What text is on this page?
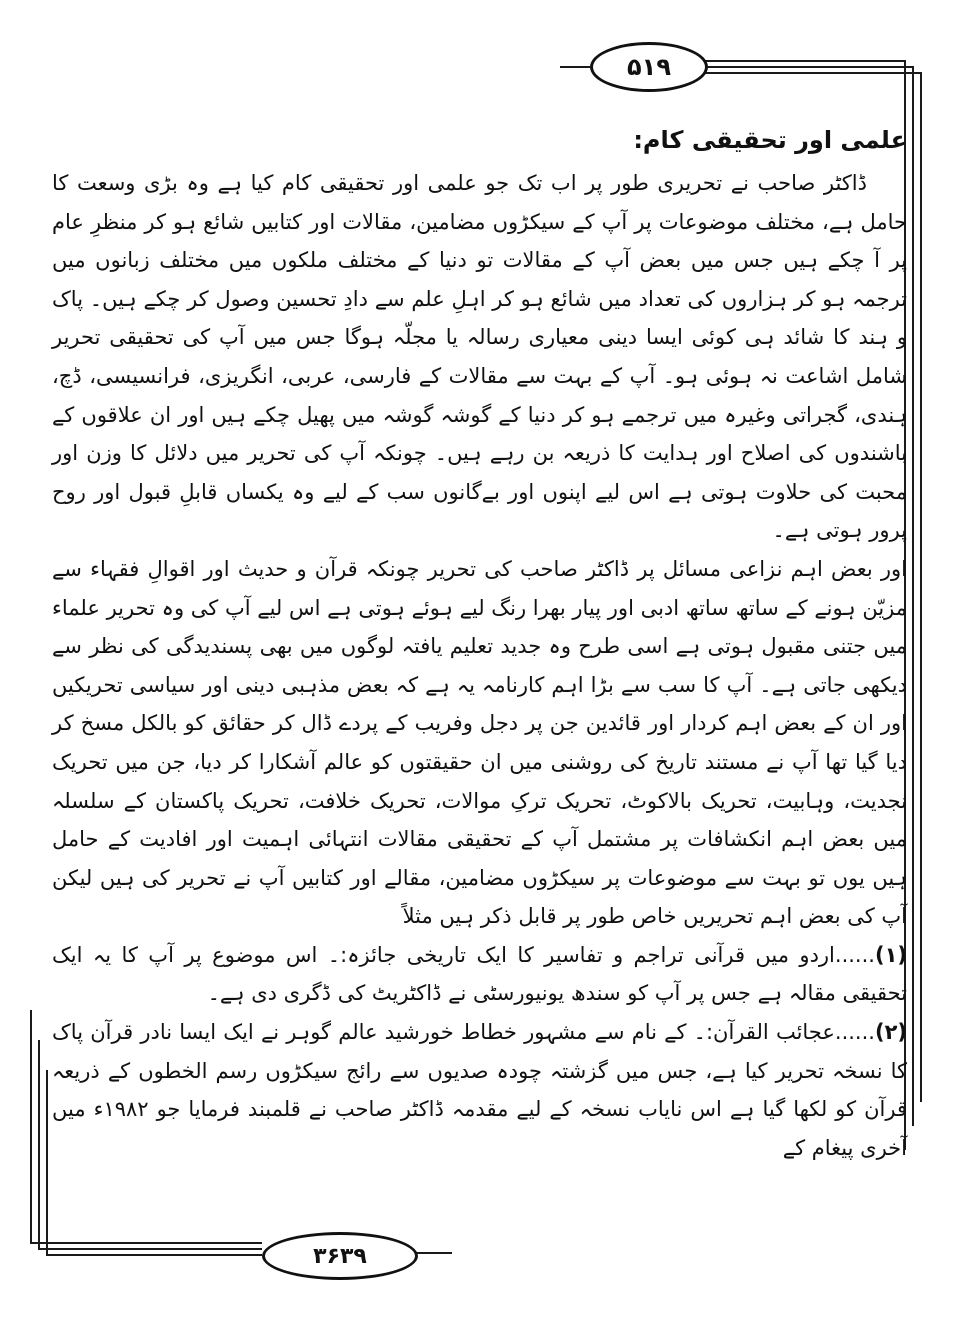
۵۱۹
علمی اور تحقیقی کام:

ڈاکٹر صاحب نے تحریری طور پر اب تک جو علمی اور تحقیقی کام کیا ہے وہ بڑی وسعت کا حامل ہے، مختلف موضوعات پر آپ کے سیکڑوں مضامین، مقالات اور کتابیں شائع ہو کر منظرِ عام پر آ چکے ہیں جس میں بعض آپ کے مقالات تو دنیا کے مختلف ملکوں میں مختلف زبانوں میں ترجمہ ہو کر ہزاروں کی تعداد میں شائع ہو کر اہلِ علم سے دادِ تحسین وصول کر چکے ہیں۔ پاک و ہند کا شائد ہی کوئی ایسا دینی معیاری رسالہ یا مجلّہ ہوگا جس میں آپ کی تحقیقی تحریر شامل اشاعت نہ ہوئی ہو۔ آپ کے بہت سے مقالات کے فارسی، عربی، انگریزی، فرانسیسی، ڈچ، ہندی، گجراتی وغیرہ میں ترجمے ہو کر دنیا کے گوشہ گوشہ میں پھیل چکے ہیں اور ان علاقوں کے باشندوں کی اصلاح اور ہدایت کا ذریعہ بن رہے ہیں۔ چونکہ آپ کی تحریر میں دلائل کا وزن اور محبت کی حلاوت ہوتی ہے اس لیے اپنوں اور بےگانوں سب کے لیے وہ یکساں قابلِ قبول اور روح پرور ہوتی ہے۔

اور بعض اہم نزاعی مسائل پر ڈاکٹر صاحب کی تحریر چونکہ قرآن و حدیث اور اقوالِ فقہاء سے مزیّن ہونے کے ساتھ ساتھ ادبی اور پیار بھرا رنگ لیے ہوئے ہوتی ہے اس لیے آپ کی وہ تحریر علماء میں جتنی مقبول ہوتی ہے اسی طرح وہ جدید تعلیم یافتہ لوگوں میں بھی پسندیدگی کی نظر سے دیکھی جاتی ہے۔ آپ کا سب سے بڑا اہم کارنامہ یہ ہے کہ بعض مذہبی دینی اور سیاسی تحریکیں اور ان کے بعض اہم کردار اور قائدین جن پر دجل وفریب کے پردے ڈال کر حقائق کو بالکل مسخ کر دیا گیا تھا آپ نے مستند تاریخ کی روشنی میں ان حقیقتوں کو عالم آشکارا کر دیا، جن میں تحریک نجدیت، وہابیت، تحریک بالاکوٹ، تحریک ترکِ موالات، تحریک خلافت، تحریک پاکستان کے سلسلہ میں بعض اہم انکشافات پر مشتمل آپ کے تحقیقی مقالات انتہائی اہمیت اور افادیت کے حامل ہیں یوں تو بہت سے موضوعات پر سیکڑوں مضامین، مقالے اور کتابیں آپ نے تحریر کی ہیں لیکن آپ کی بعض اہم تحریریں خاص طور پر قابل ذکر ہیں مثلاً

(۱)......اردو میں قرآنی تراجم و تفاسیر کا ایک تاریخی جائزہ:۔ اس موضوع پر آپ کا یہ ایک تحقیقی مقالہ ہے جس پر آپ کو سندھ یونیورسٹی نے ڈاکٹریٹ کی ڈگری دی ہے۔

(۲)......عجائب القرآن:۔ کے نام سے مشہور خطاط خورشید عالم گوہر نے ایک ایسا نادر قرآن پاک کا نسخہ تحریر کیا ہے، جس میں گزشتہ چودہ صدیوں سے رائج سیکڑوں رسم الخطوں کے ذریعہ قرآن کو لکھا گیا ہے اس نایاب نسخہ کے لیے مقدمہ ڈاکٹر صاحب نے قلمبند فرمایا جو ۱۹۸۲ء میں آخری پیغام کے

۳۶۳۹
